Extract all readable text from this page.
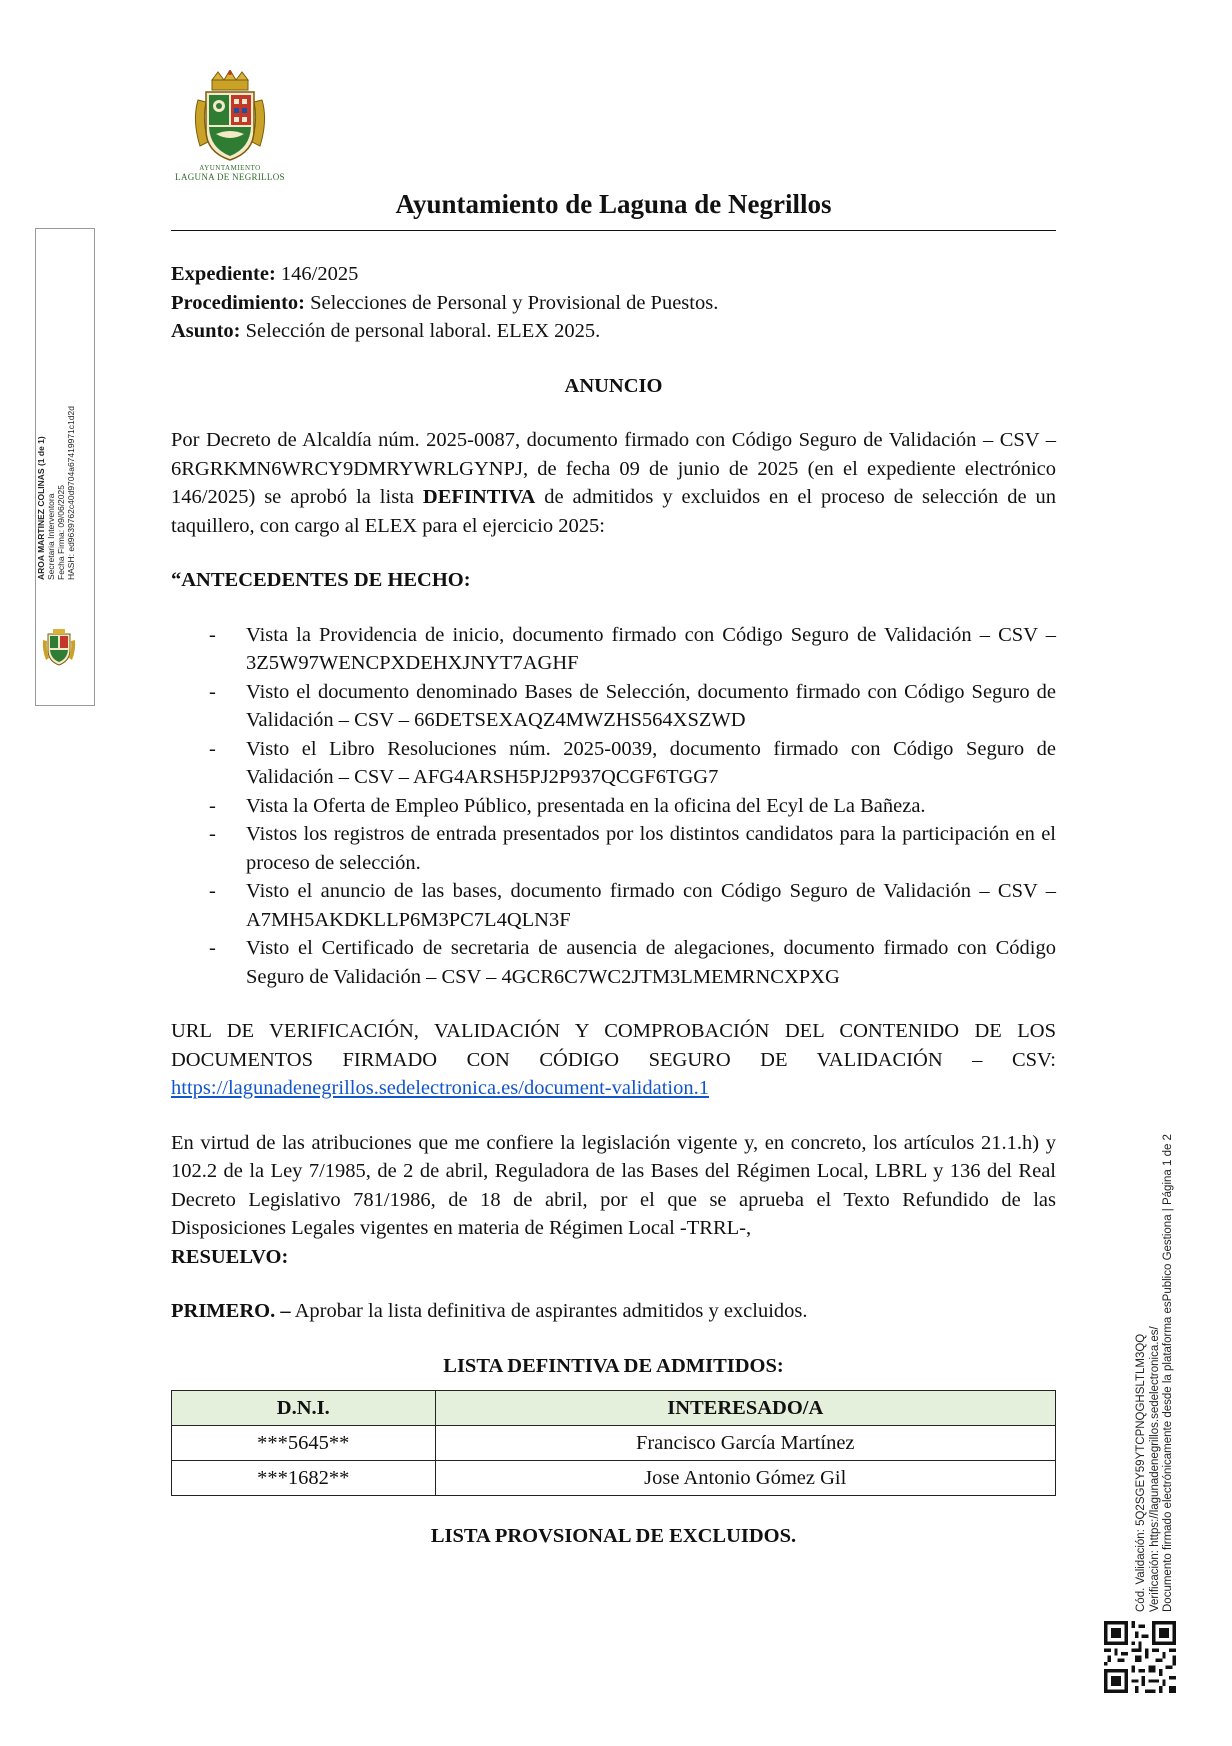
AYUNTAMIENTO
LAGUNA DE NEGRILLOS
Ayuntamiento de Laguna de Negrillos
AROA MARTINEZ COLINAS (1 de 1) Secretaria Interventora Fecha Firma: 09/06/2025 HASH: ed9639762c40d9704a67419971c1d2d

Expediente: 146/2025

Procedimiento: Selecciones de Personal y Provisional de Puestos.

Asunto: Selección de personal laboral. ELEX 2025.

ANUNCIO

Por Decreto de Alcaldía núm. 2025-0087, documento firmado con Código Seguro de Validación – CSV – 6RGRKMN6WRCY9DMRYWRLGYNPJ, de fecha 09 de junio de 2025 (en el expediente electrónico 146/2025) se aprobó la lista DEFINTIVA de admitidos y excluidos en el proceso de selección de un taquillero, con cargo al ELEX para el ejercicio 2025:

“ANTECEDENTES DE HECHO:

- Vista la Providencia de inicio, documento firmado con Código Seguro de Validación – CSV – 3Z5W97WENCPXDEHXJNYT7AGHF
- Visto el documento denominado Bases de Selección, documento firmado con Código Seguro de Validación – CSV – 66DETSEXAQZ4MWZHS564XSZWD
- Visto el Libro Resoluciones núm. 2025-0039, documento firmado con Código Seguro de Validación – CSV – AFG4ARSH5PJ2P937QCGF6TGG7
- Vista la Oferta de Empleo Público, presentada en la oficina del Ecyl de La Bañeza.
- Vistos los registros de entrada presentados por los distintos candidatos para la participación en el proceso de selección.
- Visto el anuncio de las bases, documento firmado con Código Seguro de Validación – CSV – A7MH5AKDKLLP6M3PC7L4QLN3F
- Visto el Certificado de secretaria de ausencia de alegaciones, documento firmado con Código Seguro de Validación – CSV – 4GCR6C7WC2JTM3LMEMRNCXPXG

URL DE VERIFICACIÓN, VALIDACIÓN Y COMPROBACIÓN DEL CONTENIDO DE LOS DOCUMENTOS FIRMADO CON CÓDIGO SEGURO DE VALIDACIÓN – CSV: https://lagunadenegrillos.sedelectronica.es/document-validation.1

En virtud de las atribuciones que me confiere la legislación vigente y, en concreto, los artículos 21.1.h) y 102.2 de la Ley 7/1985, de 2 de abril, Reguladora de las Bases del Régimen Local, LBRL y 136 del Real Decreto Legislativo 781/1986, de 18 de abril, por el que se aprueba el Texto Refundido de las Disposiciones Legales vigentes en materia de Régimen Local -TRRL-,
RESUELVO:

PRIMERO. – Aprobar la lista definitiva de aspirantes admitidos y excluidos.

LISTA DEFINTIVA DE ADMITIDOS:

D.N.I.	INTERESADO/A
***5645**	Francisco García Martínez
***1682**	Jose Antonio Gómez Gil

LISTA PROVSIONAL DE EXCLUIDOS.	Cód. Validación: 5Q2SGEY59YTCPNQGHSLTLM3QQ Verificación: https://lagunadenegrillos.sedelectronica.es/ Documento firmado electrónicamente desde la plataforma esPublico Gestiona | Página 1 de 2
